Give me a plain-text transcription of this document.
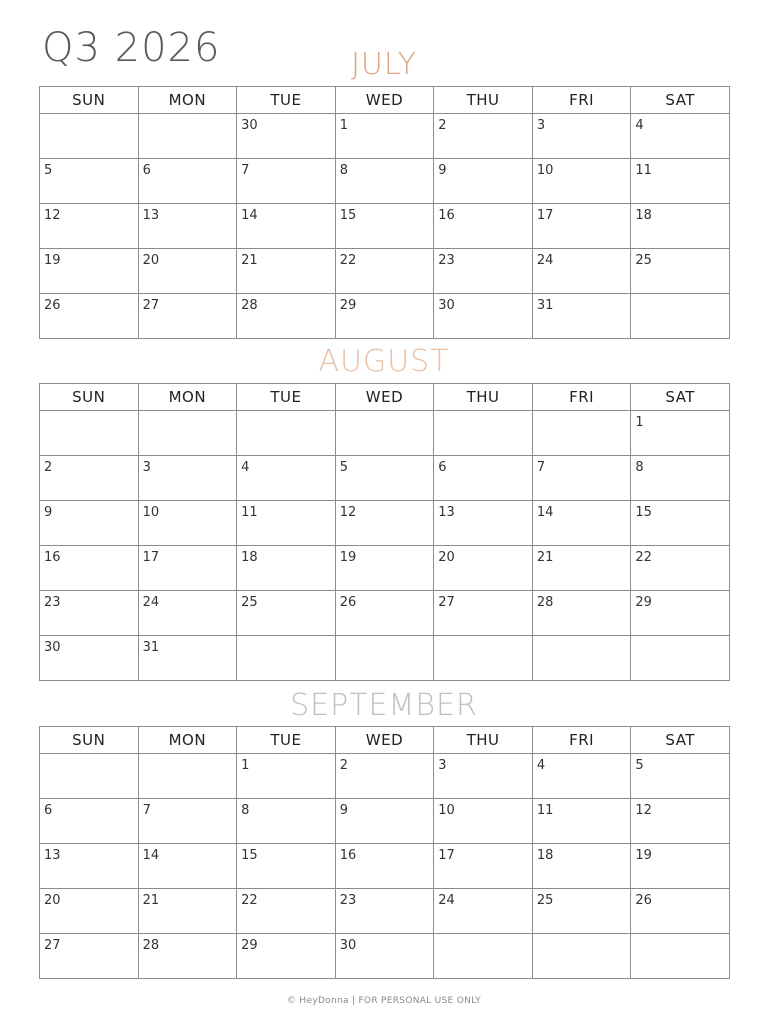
Q3 2026	JULY
SUN	MON	TUE	WED	THU	FRI	SAT

		30	1	2	3	4

5	6	7	8	9	10	11

12	13	14	15	16	17	18

19	20	21	22	23	24	25

26	27	28	29	30	31	

AUGUST
SUN	MON	TUE	WED	THU	FRI	SAT

						1

2	3	4	5	6	7	8

9	10	11	12	13	14	15

16	17	18	19	20	21	22

23	24	25	26	27	28	29

30	31					

SEPTEMBER
SUN	MON	TUE	WED	THU	FRI	SAT

		1	2	3	4	5

6	7	8	9	10	11	12

13	14	15	16	17	18	19

20	21	22	23	24	25	26

27	28	29	30			

© HeyDonna | FOR PERSONAL USE ONLY
